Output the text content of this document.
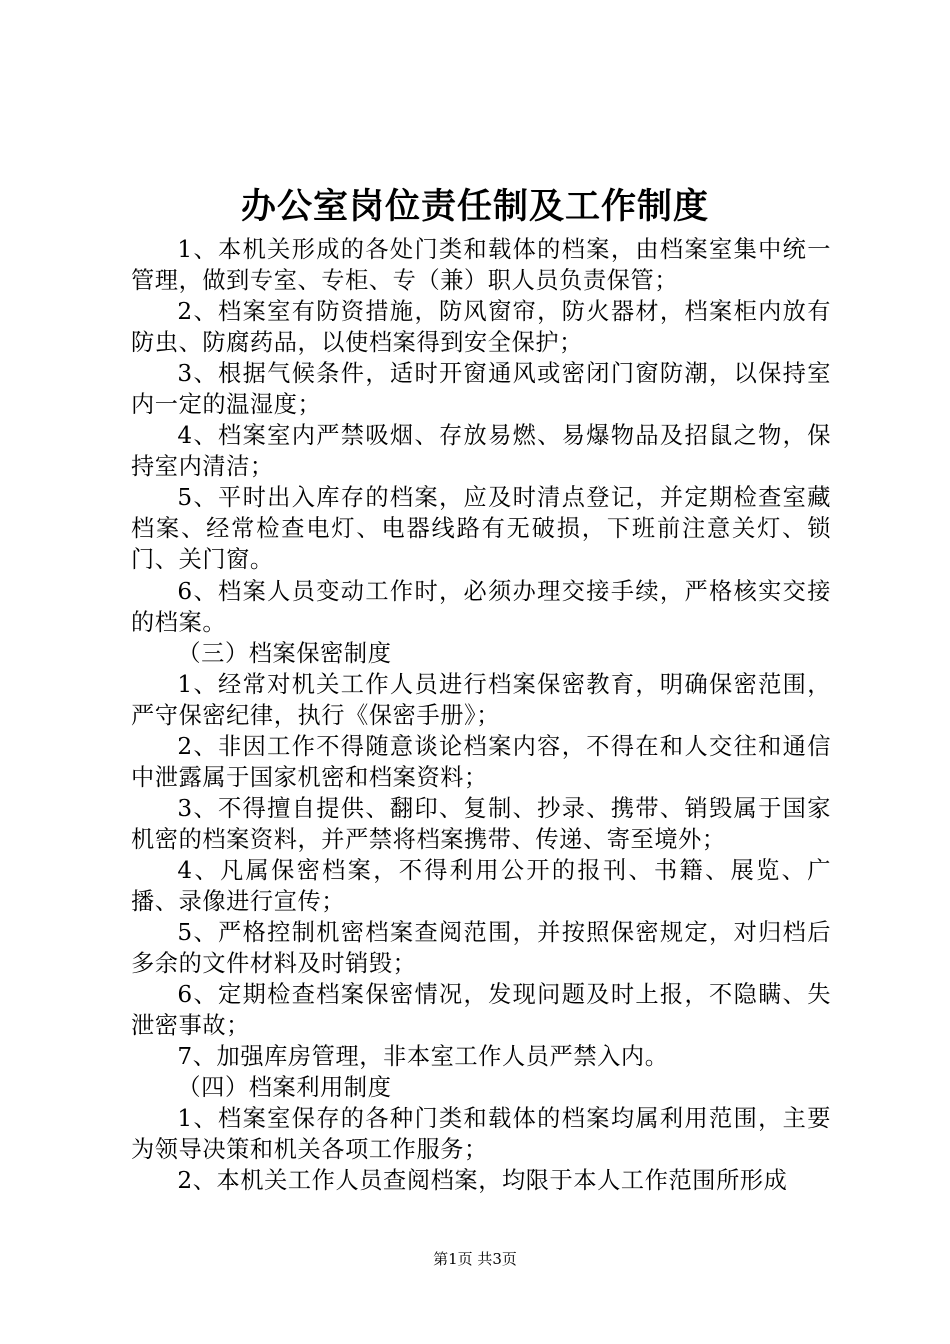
办公室岗位责任制及工作制度

1、本机关形成的各处门类和载体的档案，由档案室集中统一管理，做到专室、专柜、专（兼）职人员负责保管；

2、档案室有防资措施，防风窗帘，防火器材，档案柜内放有防虫、防腐药品，以使档案得到安全保护；

3、根据气候条件，适时开窗通风或密闭门窗防潮，以保持室内一定的温湿度；

4、档案室内严禁吸烟、存放易燃、易爆物品及招鼠之物，保持室内清洁；

5、平时出入库存的档案，应及时清点登记，并定期检查室藏档案、经常检查电灯、电器线路有无破损，下班前注意关灯、锁门、关门窗。

6、档案人员变动工作时，必须办理交接手续，严格核实交接的档案。

（三）档案保密制度

1、经常对机关工作人员进行档案保密教育，明确保密范围，严守保密纪律，执行《保密手册》；

2、非因工作不得随意谈论档案内容，不得在和人交往和通信中泄露属于国家机密和档案资料；

3、不得擅自提供、翻印、复制、抄录、携带、销毁属于国家机密的档案资料，并严禁将档案携带、传递、寄至境外；

4、凡属保密档案，不得利用公开的报刊、书籍、展览、广播、录像进行宣传；

5、严格控制机密档案查阅范围，并按照保密规定，对归档后多余的文件材料及时销毁；

6、定期检查档案保密情况，发现问题及时上报，不隐瞒、失泄密事故；

7、加强库房管理，非本室工作人员严禁入内。

（四）档案利用制度

1、档案室保存的各种门类和载体的档案均属利用范围，主要为领导决策和机关各项工作服务；

2、本机关工作人员查阅档案，均限于本人工作范围所形成

第1页 共3页
